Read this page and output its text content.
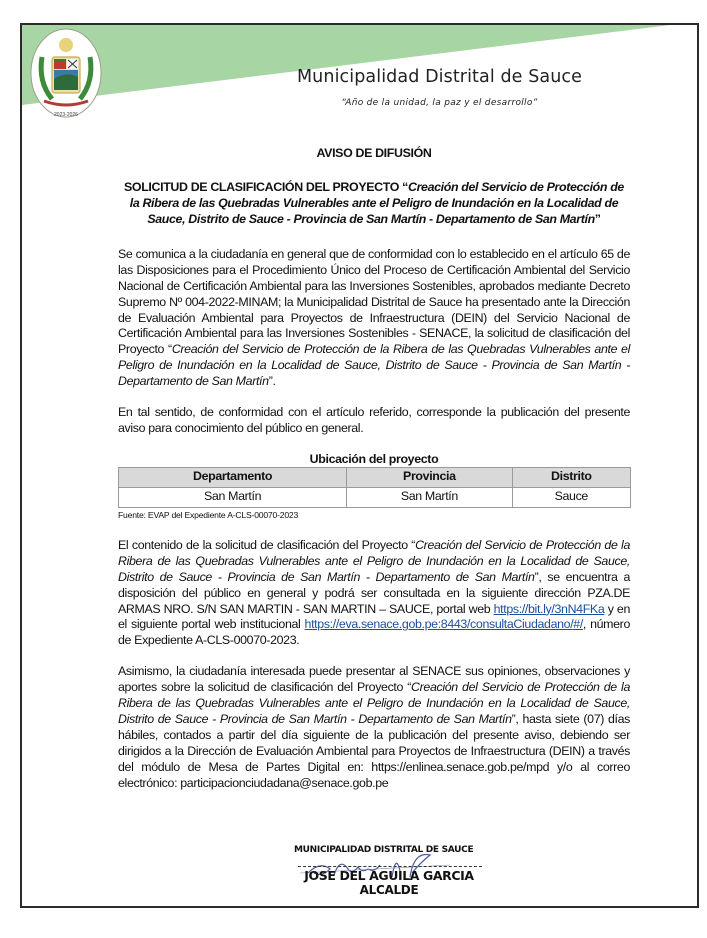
2023-2026
Municipalidad Distrital de Sauce
“Año de la unidad, la paz y el desarrollo”
AVISO DE DIFUSIÓN
SOLICITUD DE CLASIFICACIÓN DEL PROYECTO “Creación del Servicio de Protección de la Ribera de las Quebradas Vulnerables ante el Peligro de Inundación en la Localidad de Sauce, Distrito de Sauce - Provincia de San Martín - Departamento de San Martín”

Se comunica a la ciudadanía en general que de conformidad con lo establecido en el artículo 65 de las Disposiciones para el Procedimiento Único del Proceso de Certificación Ambiental del Servicio Nacional de Certificación Ambiental para las Inversiones Sostenibles, aprobados mediante Decreto Supremo Nº 004-2022-MINAM; la Municipalidad Distrital de Sauce ha presentado ante la Dirección de Evaluación Ambiental para Proyectos de Infraestructura (DEIN) del Servicio Nacional de Certificación Ambiental para las Inversiones Sostenibles - SENACE, la solicitud de clasificación del Proyecto “Creación del Servicio de Protección de la Ribera de las Quebradas Vulnerables ante el Peligro de Inundación en la Localidad de Sauce, Distrito de Sauce - Provincia de San Martín - Departamento de San Martín”.

En tal sentido, de conformidad con el artículo referido, corresponde la publicación del presente aviso para conocimiento del público en general.

Ubicación del proyecto
Departamento	Provincia	Distrito
San Martín	San Martín	Sauce
Fuente: EVAP del Expediente A-CLS-00070-2023

El contenido de la solicitud de clasificación del Proyecto “Creación del Servicio de Protección de la Ribera de las Quebradas Vulnerables ante el Peligro de Inundación en la Localidad de Sauce, Distrito de Sauce - Provincia de San Martín - Departamento de San Martín”, se encuentra a disposición del público en general y podrá ser consultada en la siguiente dirección PZA.DE ARMAS NRO. S/N SAN MARTIN - SAN MARTIN – SAUCE, portal web https://bit.ly/3nN4FKa y en el siguiente portal web institucional https://eva.senace.gob.pe:8443/consultaCiudadano/#/, número de Expediente A-CLS-00070-2023.

Asimismo, la ciudadanía interesada puede presentar al SENACE sus opiniones, observaciones y aportes sobre la solicitud de clasificación del Proyecto “Creación del Servicio de Protección de la Ribera de las Quebradas Vulnerables ante el Peligro de Inundación en la Localidad de Sauce, Distrito de Sauce - Provincia de San Martín - Departamento de San Martín”, hasta siete (07) días hábiles, contados a partir del día siguiente de la publicación del presente aviso, debiendo ser dirigidos a la Dirección de Evaluación Ambiental para Proyectos de Infraestructura (DEIN) a través del módulo de Mesa de Partes Digital en: https://enlinea.senace.gob.pe/mpd y/o al correo electrónico: participacionciudadana@senace.gob.pe

MUNICIPALIDAD DISTRITAL DE SAUCE
JOSE DEL AGUILA GARCIA
ALCALDE
